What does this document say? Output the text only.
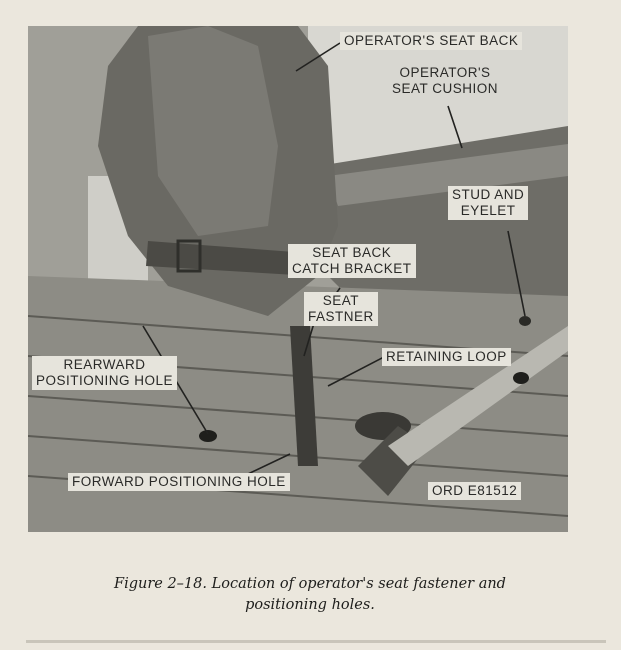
OPERATOR'S SEAT BACK
OPERATOR'S
SEAT CUSHION
STUD AND
EYELET
SEAT BACK
CATCH BRACKET
SEAT
FASTNER
RETAINING LOOP
REARWARD
POSITIONING HOLE
FORWARD POSITIONING HOLE
ORD E81512
Figure 2–18. Location of operator's seat fastener and
positioning holes.
